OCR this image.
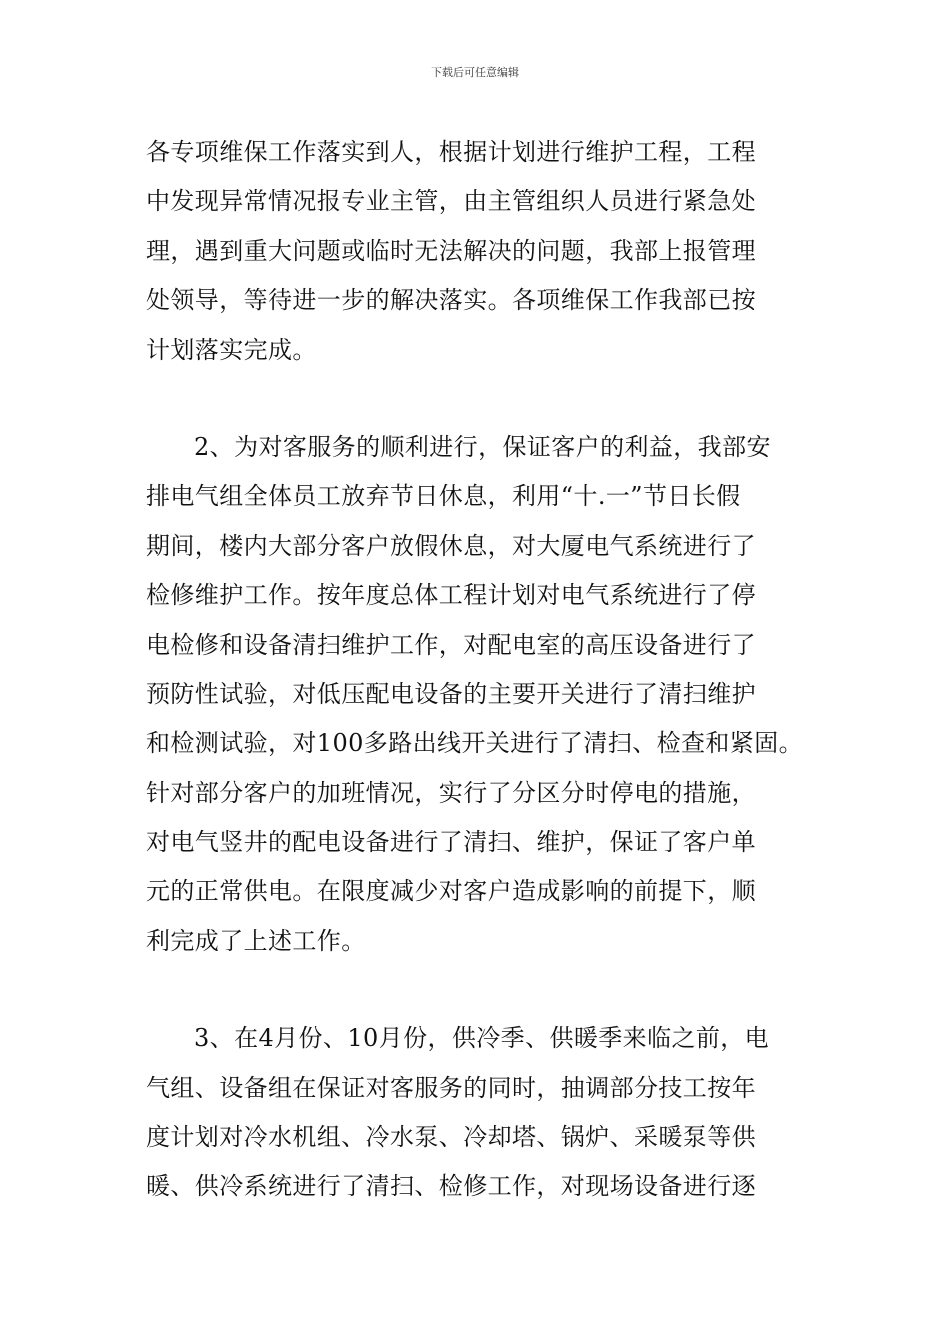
下载后可任意编辑
各专项维保工作落实到人，根据计划进行维护工程，工程
中发现异常情况报专业主管，由主管组织人员进行紧急处
理，遇到重大问题或临时无法解决的问题，我部上报管理
处领导，等待进一步的解决落实。各项维保工作我部已按
计划落实完成。
2、为对客服务的顺利进行，保证客户的利益，我部安
排电气组全体员工放弃节日休息，利用“十.一”节日长假
期间，楼内大部分客户放假休息，对大厦电气系统进行了
检修维护工作。按年度总体工程计划对电气系统进行了停
电检修和设备清扫维护工作，对配电室的高压设备进行了
预防性试验，对低压配电设备的主要开关进行了清扫维护
和检测试验，对100多路出线开关进行了清扫、检查和紧固。
针对部分客户的加班情况，实行了分区分时停电的措施，
对电气竖井的配电设备进行了清扫、维护，保证了客户单
元的正常供电。在限度减少对客户造成影响的前提下，顺
利完成了上述工作。
3、在4月份、10月份，供冷季、供暖季来临之前，电
气组、设备组在保证对客服务的同时，抽调部分技工按年
度计划对冷水机组、冷水泵、冷却塔、锅炉、采暖泵等供
暖、供冷系统进行了清扫、检修工作，对现场设备进行逐
